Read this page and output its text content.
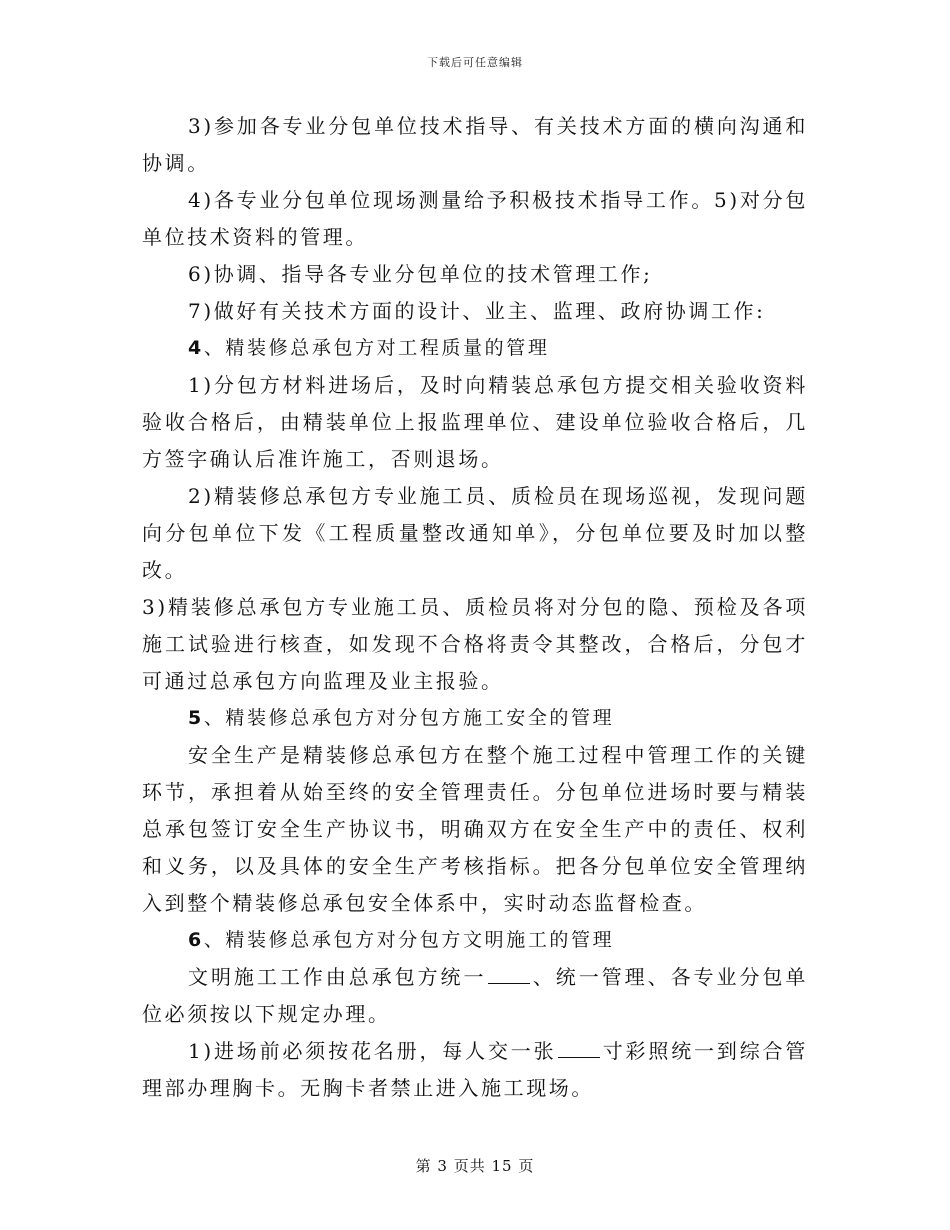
下载后可任意编辑

3)参加各专业分包单位技术指导、有关技术方面的横向沟通和协调。

4)各专业分包单位现场测量给予积极技术指导工作。5)对分包单位技术资料的管理。

6)协调、指导各专业分包单位的技术管理工作;

7)做好有关技术方面的设计、业主、监理、政府协调工作:

4、精装修总承包方对工程质量的管理

1)分包方材料进场后，及时向精装总承包方提交相关验收资料验收合格后，由精装单位上报监理单位、建设单位验收合格后，几方签字确认后准许施工，否则退场。

2)精装修总承包方专业施工员、质检员在现场巡视，发现问题向分包单位下发《工程质量整改通知单》，分包单位要及时加以整改。

3)精装修总承包方专业施工员、质检员将对分包的隐、预检及各项施工试验进行核查，如发现不合格将责令其整改，合格后，分包才可通过总承包方向监理及业主报验。

5、精装修总承包方对分包方施工安全的管理

安全生产是精装修总承包方在整个施工过程中管理工作的关键环节，承担着从始至终的安全管理责任。分包单位进场时要与精装总承包签订安全生产协议书，明确双方在安全生产中的责任、权利和义务，以及具体的安全生产考核指标。把各分包单位安全管理纳入到整个精装修总承包安全体系中，实时动态监督检查。

6、精装修总承包方对分包方文明施工的管理

文明施工工作由总承包方统一 、统一管理、各专业分包单位必须按以下规定办理。

1)进场前必须按花名册，每人交一张 寸彩照统一到综合管理部办理胸卡。无胸卡者禁止进入施工现场。

第 3 页共 15 页
